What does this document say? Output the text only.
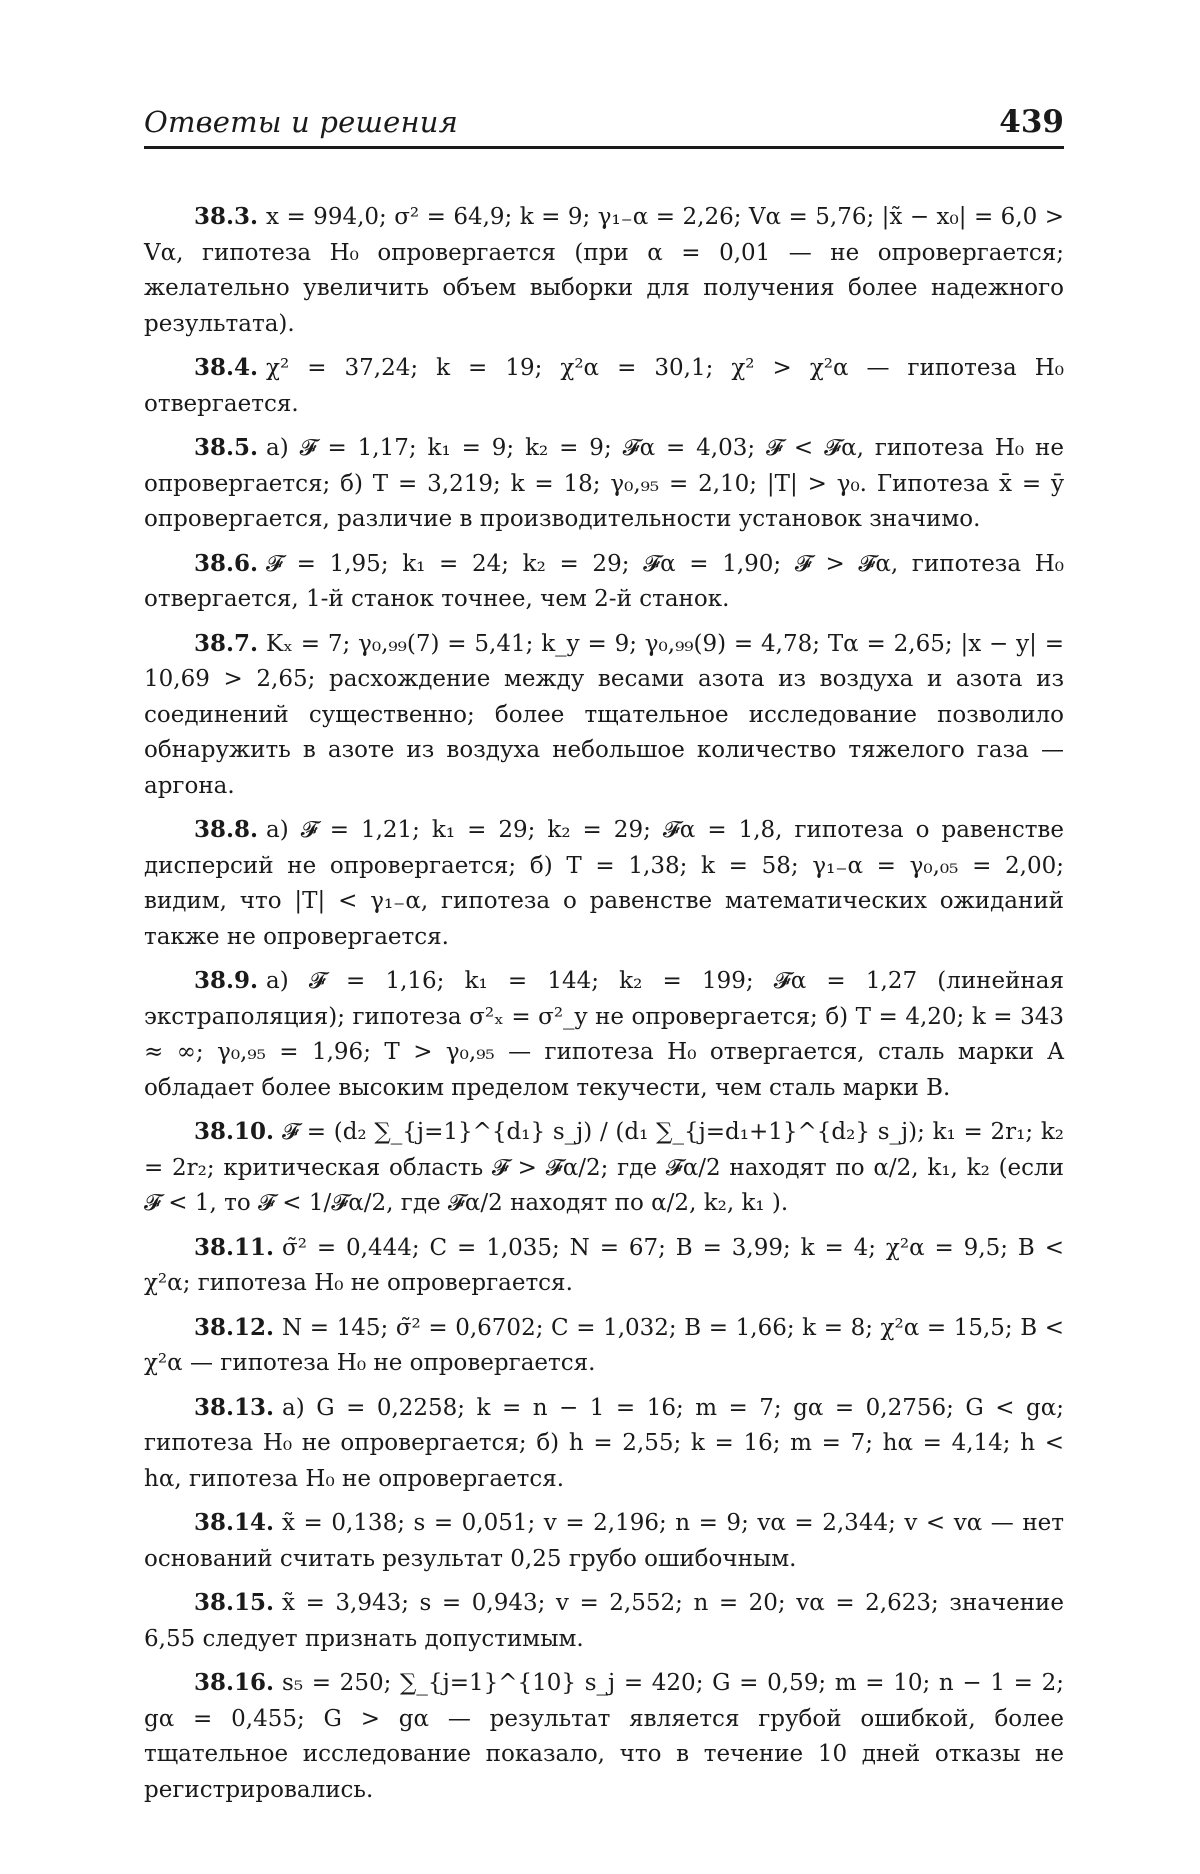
Ответы и решения	439

38.3. x = 994,0; σ² = 64,9; k = 9; γ₁₋α = 2,26; Vα = 5,76; |x̃ − x₀| = 6,0 > Vα, гипотеза H₀ опровергается (при α = 0,01 — не опровергается; желательно увеличить объем выборки для получения более надежного результата).

38.4. χ² = 37,24; k = 19; χ²α = 30,1; χ² > χ²α — гипотеза H₀ отвергается.

38.5. а) 𝓕 = 1,17; k₁ = 9; k₂ = 9; 𝓕α = 4,03; 𝓕 < 𝓕α, гипотеза H₀ не опровергается; б) T = 3,219; k = 18; γ₀,₉₅ = 2,10; |T| > γ₀. Гипотеза x̄ = ȳ опровергается, различие в производительности установок значимо.

38.6. 𝓕 = 1,95; k₁ = 24; k₂ = 29; 𝓕α = 1,90; 𝓕 > 𝓕α, гипотеза H₀ отвергается, 1-й станок точнее, чем 2-й станок.

38.7. Kₓ = 7; γ₀,₉₉(7) = 5,41; k_y = 9; γ₀,₉₉(9) = 4,78; Tα = 2,65; |x − y| = 10,69 > 2,65; расхождение между весами азота из воздуха и азота из соединений существенно; более тщательное исследование позволило обнаружить в азоте из воздуха небольшое количество тяжелого газа — аргона.

38.8. а) 𝓕 = 1,21; k₁ = 29; k₂ = 29; 𝓕α = 1,8, гипотеза о равенстве дисперсий не опровергается; б) T = 1,38; k = 58; γ₁₋α = γ₀,₀₅ = 2,00; видим, что |T| < γ₁₋α, гипотеза о равенстве математических ожиданий также не опровергается.

38.9. а) 𝓕 = 1,16; k₁ = 144; k₂ = 199; 𝓕α = 1,27 (линейная экстраполяция); гипотеза σ²ₓ = σ²_y не опровергается; б) T = 4,20; k = 343 ≈ ∞; γ₀,₉₅ = 1,96; T > γ₀,₉₅ — гипотеза H₀ отвергается, сталь марки A обладает более высоким пределом текучести, чем сталь марки B.

38.10. 𝓕 = (d₂ ∑_{j=1}^{d₁} s_j) / (d₁ ∑_{j=d₁+1}^{d₂} s_j); k₁ = 2r₁; k₂ = 2r₂; критическая область 𝓕 > 𝓕α/2; где 𝓕α/2 находят по α/2, k₁, k₂ (если 𝓕 < 1, то 𝓕 < 1/𝓕α/2, где 𝓕α/2 находят по α/2, k₂, k₁ ).

38.11. σ̃² = 0,444; C = 1,035; N = 67; B = 3,99; k = 4; χ²α = 9,5; B < χ²α; гипотеза H₀ не опровергается.

38.12. N = 145; σ̃² = 0,6702; C = 1,032; B = 1,66; k = 8; χ²α = 15,5; B < χ²α — гипотеза H₀ не опровергается.

38.13. а) G = 0,2258; k = n − 1 = 16; m = 7; gα = 0,2756; G < gα; гипотеза H₀ не опровергается; б) h = 2,55; k = 16; m = 7; hα = 4,14; h < hα, гипотеза H₀ не опровергается.

38.14. x̃ = 0,138; s = 0,051; v = 2,196; n = 9; vα = 2,344; v < vα — нет оснований считать результат 0,25 грубо ошибочным.

38.15. x̃ = 3,943; s = 0,943; v = 2,552; n = 20; vα = 2,623; значение 6,55 следует признать допустимым.

38.16. s₅ = 250; ∑_{j=1}^{10} s_j = 420; G = 0,59; m = 10; n − 1 = 2; gα = 0,455; G > gα — результат является грубой ошибкой, более тщательное исследование показало, что в течение 10 дней отказы не регистрировались.
